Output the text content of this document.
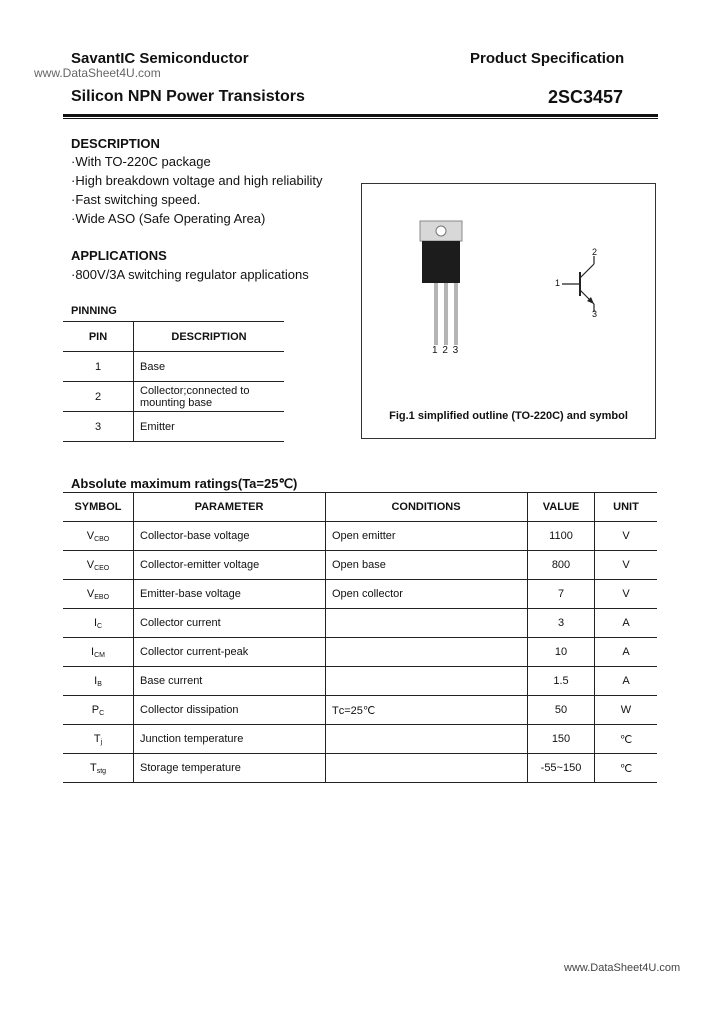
SavantIC Semiconductor	Product Specification
www.DataSheet4U.com
Silicon NPN Power Transistors	2SC3457
DESCRIPTION
·With TO-220C package
·High breakdown voltage and high reliability
·Fast switching speed.
·Wide ASO (Safe Operating Area)
APPLICATIONS
·800V/3A switching regulator applications
PINNING
PIN	DESCRIPTION
1	Base
2	Collector;connected to mounting base
3	Emitter
1 2 3
1
2
3
Fig.1 simplified outline (TO-220C) and symbol
Absolute maximum ratings(Ta=25℃)
SYMBOL	PARAMETER	CONDITIONS	VALUE	UNIT
VCBO	Collector-base voltage	Open emitter	1100	V
VCEO	Collector-emitter voltage	Open base	800	V
VEBO	Emitter-base voltage	Open collector	7	V
IC	Collector current		3	A
ICM	Collector current-peak		10	A
IB	Base current		1.5	A
PC	Collector dissipation	Tᴄ=25℃	50	W
Tj	Junction temperature		150	℃
Tstg	Storage temperature		-55~150	℃
www.DataSheet4U.com
